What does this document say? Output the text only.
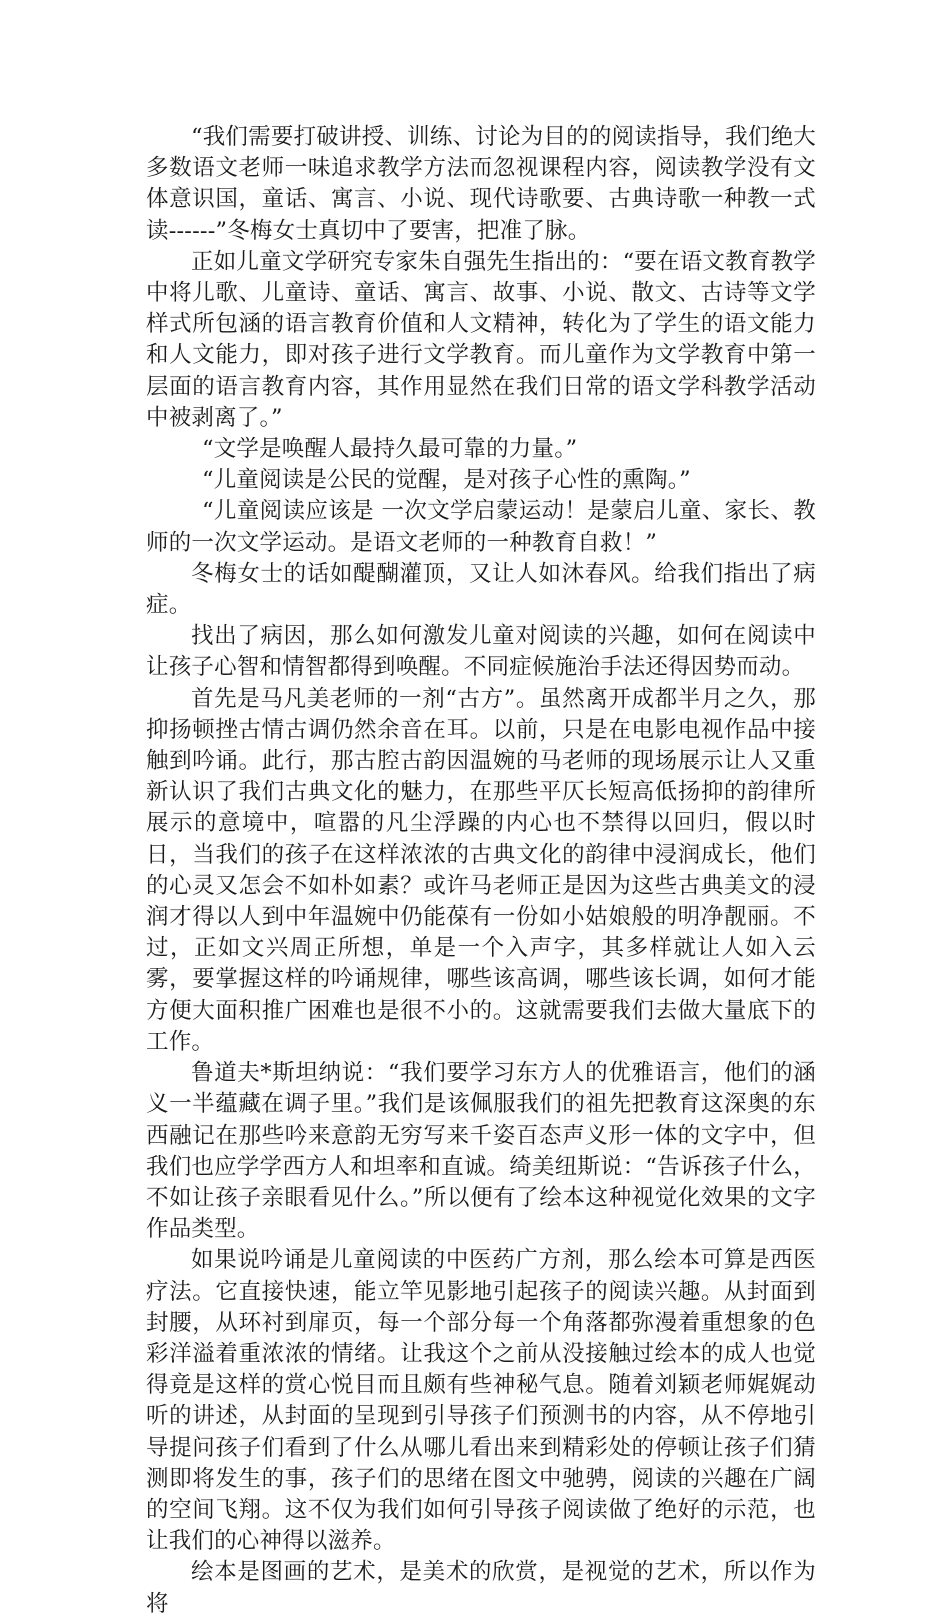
“我们需要打破讲授、训练、讨论为目的的阅读指导，我们绝大多数语文老师一味追求教学方法而忽视课程内容，阅读教学没有文体意识国，童话、寓言、小说、现代诗歌要、古典诗歌一种教一式读------”冬梅女士真切中了要害，把准了脉。

正如儿童文学研究专家朱自强先生指出的：“要在语文教育教学中将儿歌、儿童诗、童话、寓言、故事、小说、散文、古诗等文学样式所包涵的语言教育价值和人文精神，转化为了学生的语文能力和人文能力，即对孩子进行文学教育。而儿童作为文学教育中第一层面的语言教育内容，其作用显然在我们日常的语文学科教学活动中被剥离了。”

“文学是唤醒人最持久最可靠的力量。”

“儿童阅读是公民的觉醒，是对孩子心性的熏陶。”

“儿童阅读应该是 一次文学启蒙运动！是蒙启儿童、家长、教师的一次文学运动。是语文老师的一种教育自救！”

冬梅女士的话如醍醐灌顶，又让人如沐春风。给我们指出了病症。

找出了病因，那么如何激发儿童对阅读的兴趣，如何在阅读中让孩子心智和情智都得到唤醒。不同症候施治手法还得因势而动。

首先是马凡美老师的一剂“古方”。虽然离开成都半月之久，那抑扬顿挫古情古调仍然余音在耳。以前，只是在电影电视作品中接触到吟诵。此行，那古腔古韵因温婉的马老师的现场展示让人又重新认识了我们古典文化的魅力，在那些平仄长短高低扬抑的韵律所展示的意境中，喧嚣的凡尘浮躁的内心也不禁得以回归，假以时日，当我们的孩子在这样浓浓的古典文化的韵律中浸润成长，他们的心灵又怎会不如朴如素？或许马老师正是因为这些古典美文的浸润才得以人到中年温婉中仍能葆有一份如小姑娘般的明净靓丽。不过，正如文兴周正所想，单是一个入声字，其多样就让人如入云雾，要掌握这样的吟诵规律，哪些该高调，哪些该长调，如何才能方便大面积推广困难也是很不小的。这就需要我们去做大量底下的工作。

鲁道夫*斯坦纳说：“我们要学习东方人的优雅语言，他们的涵义一半蕴藏在调子里。”我们是该佩服我们的祖先把教育这深奥的东西融记在那些吟来意韵无穷写来千姿百态声义形一体的文字中，但我们也应学学西方人和坦率和直诚。绮美纽斯说：“告诉孩子什么，不如让孩子亲眼看见什么。”所以便有了绘本这种视觉化效果的文字作品类型。

如果说吟诵是儿童阅读的中医药广方剂，那么绘本可算是西医疗法。它直接快速，能立竿见影地引起孩子的阅读兴趣。从封面到封腰，从环衬到扉页，每一个部分每一个角落都弥漫着重想象的色彩洋溢着重浓浓的情绪。让我这个之前从没接触过绘本的成人也觉得竟是这样的赏心悦目而且颇有些神秘气息。随着刘颖老师娓娓动听的讲述，从封面的呈现到引导孩子们预测书的内容，从不停地引导提问孩子们看到了什么从哪儿看出来到精彩处的停顿让孩子们猜测即将发生的事，孩子们的思绪在图文中驰骋，阅读的兴趣在广阔的空间飞翔。这不仅为我们如何引导孩子阅读做了绝好的示范，也让我们的心神得以滋养。

绘本是图画的艺术，是美术的欣赏，是视觉的艺术，所以作为将
